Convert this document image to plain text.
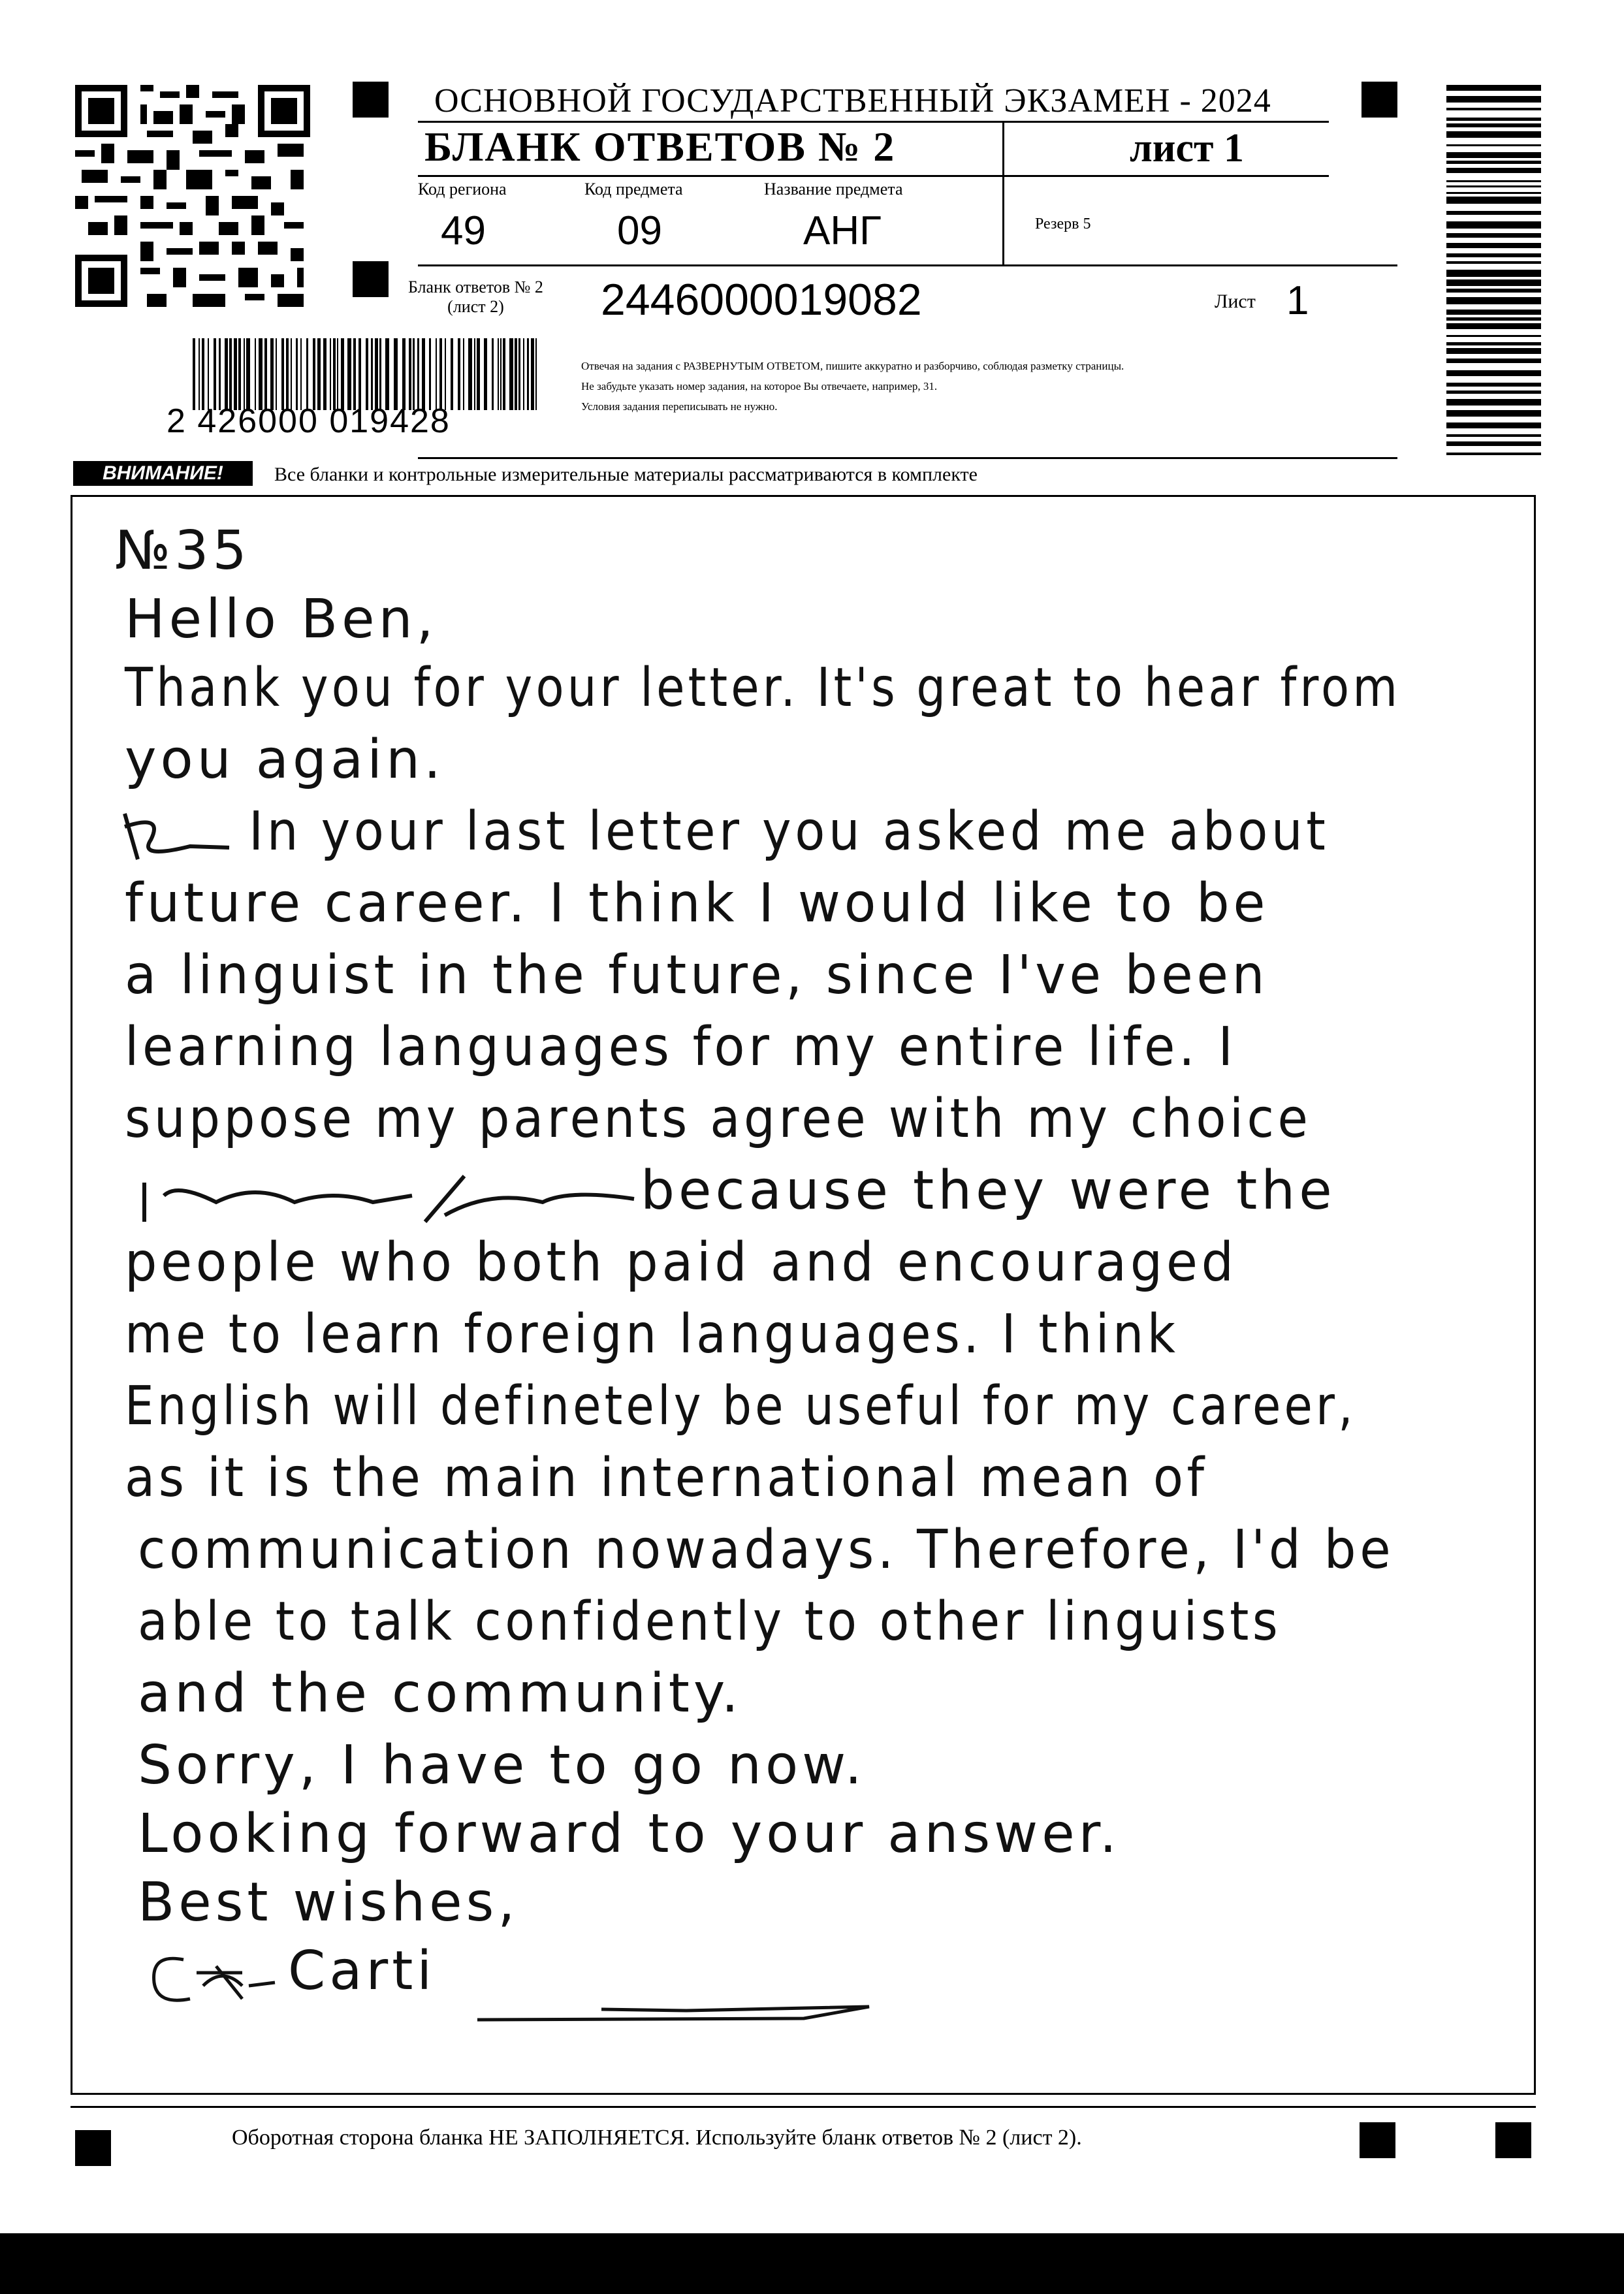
2 426000 019428
ОСНОВНОЙ ГОСУДАРСТВЕННЫЙ ЭКЗАМЕН - 2024
БЛАНК ОТВЕТОВ № 2	лист 1
Код региона	Код предмета	Название предмета
49	09	АНГ	Резерв 5
Бланк ответов № 2
(лист 2)	2446000019082	Лист 1
Отвечая на задания с РАЗВЕРНУТЫМ ОТВЕТОМ, пишите аккуратно и разборчиво, соблюдая разметку страницы.
Не забудьте указать номер задания, на которое Вы отвечаете, например, 31.
Условия задания переписывать не нужно.
ВНИМАНИЕ!	Все бланки и контрольные измерительные материалы рассматриваются в комплекте
№35
Hello Ben,
Thank you for your letter. It's great to hear from
you again.
In your last letter you asked me about
future career. I think I would like to be
a linguist in the future, since I've been
learning languages for my entire life. I
suppose my parents agree with my choice
because they were the
people who both paid and encouraged
me to learn foreign languages. I think
English will definetely be useful for my career,
as it is the main international mean of
communication nowadays. Therefore, I'd be
able to talk confidently to other linguists
and the community.
Sorry, I have to go now.
Looking forward to your answer.
Best wishes,
Carti
Оборотная сторона бланка НЕ ЗАПОЛНЯЕТСЯ. Используйте бланк ответов № 2 (лист 2).
